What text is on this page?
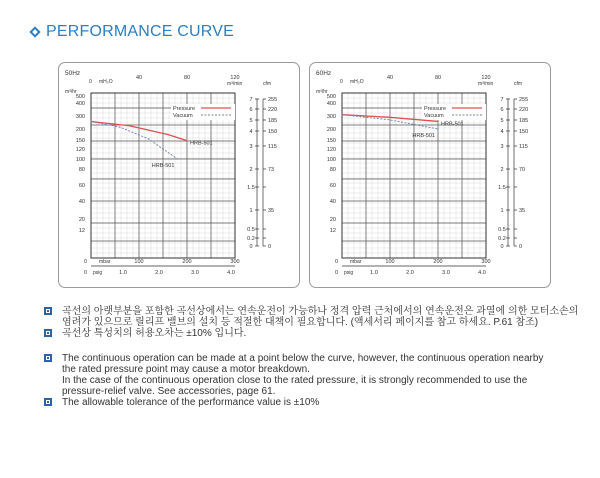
PERFORMANCE CURVE
50Hz
0
40	80	120
mH₂O	m³/min	cfm
m³/hr
500
400
300
200
150
120
100
80
60
40
20
12
7
6
5
4
3
2
1.5
1
0.5
0.2
0
255
220
185
150
115
73
35
0
0 mbar	100	200	300
0 psig	1.0	2.0	3.0	4.0
Pressure
Vacuum
HRB-501
HRB-501
60Hz
0
40	80	120
mH₂O	m³/min	cfm
m³/hr
500
400
300
200
150
120
100
80
60
40
20
12
7
6
5
4
3
2
1.5
1
0.5
0.2
0
255
220
185
150
115
70
35
0
0 mbar	100	200	300
0 psig	1.0	2.0	3.0	4.0
Pressure
Vacuum
HRB-501
HRB-501
곡선의 아랫부분을 포함한 곡선상에서는 연속운전이 가능하나 정격 압력 근처에서의 연속운전은 과열에 의한 모터소손의
염려가 있으므로 릴리프 밸브의 설치 등 적절한 대책이 필요합니다. (액세서리 페이지를 참고 하세요. P.61 참조)
곡선상 특성치의 허용오차는 ±10% 입니다.
The continuous operation can be made at a point below the curve, however, the continuous operation nearby
the rated pressure point may cause a motor breakdown.
In the case of the continuous operation close to the rated pressure, it is strongly recommended to use the
pressure-relief valve. See accessories, page 61.
The allowable tolerance of the performance value is ±10%
